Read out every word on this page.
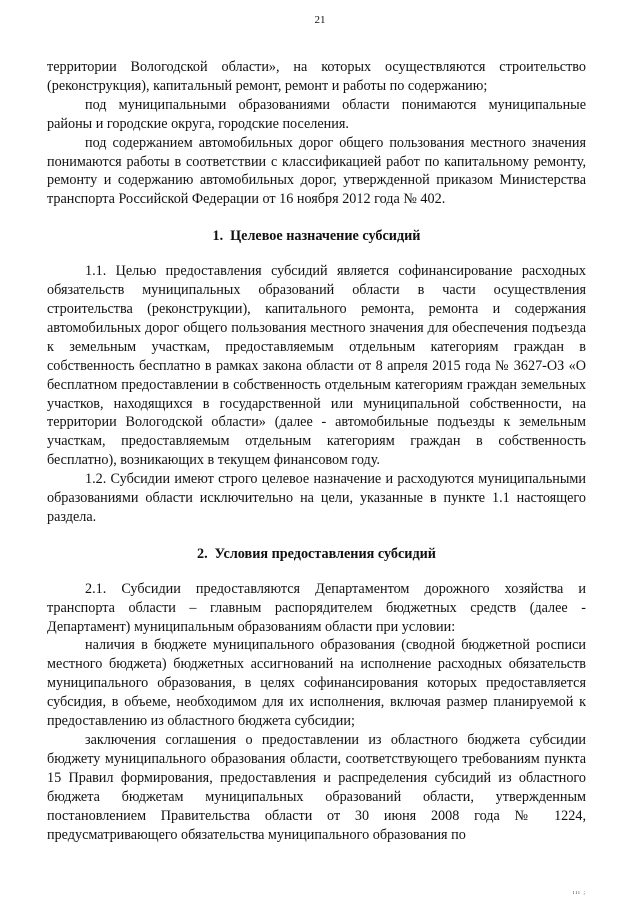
21

территории Вологодской области», на которых осуществляются строительство (реконструкция), капитальный ремонт, ремонт и работы по содержанию;

под муниципальными образованиями области понимаются муниципальные районы и городские округа, городские поселения.

под содержанием автомобильных дорог общего пользования местного значения понимаются работы в соответствии с классификацией работ по капитальному ремонту, ремонту и содержанию автомобильных дорог, утвержденной приказом Министерства транспорта Российской Федерации от 16 ноября 2012 года № 402.

1. Целевое назначение субсидий

1.1. Целью предоставления субсидий является софинансирование расходных обязательств муниципальных образований области в части осуществления строительства (реконструкции), капитального ремонта, ремонта и содержания автомобильных дорог общего пользования местного значения для обеспечения подъезда к земельным участкам, предоставляемым отдельным категориям граждан в собственность бесплатно в рамках закона области от 8 апреля 2015 года № 3627-ОЗ «О бесплатном предоставлении в собственность отдельным категориям граждан земельных участков, находящихся в государственной или муниципальной собственности, на территории Вологодской области» (далее - автомобильные подъезды к земельным участкам, предоставляемым отдельным категориям граждан в собственность бесплатно), возникающих в текущем финансовом году.

1.2. Субсидии имеют строго целевое назначение и расходуются муниципальными образованиями области исключительно на цели, указанные в пункте 1.1 настоящего раздела.

2. Условия предоставления субсидий

2.1. Субсидии предоставляются Департаментом дорожного хозяйства и транспорта области – главным распорядителем бюджетных средств (далее - Департамент) муниципальным образованиям области при условии:

наличия в бюджете муниципального образования (сводной бюджетной росписи местного бюджета) бюджетных ассигнований на исполнение расходных обязательств муниципального образования, в целях софинансирования которых предоставляется субсидия, в объеме, необходимом для их исполнения, включая размер планируемой к предоставлению из областного бюджета субсидии;

заключения соглашения о предоставлении из областного бюджета субсидии бюджету муниципального образования области, соответствующего требованиям пункта 15 Правил формирования, предоставления и распределения субсидий из областного бюджета бюджетам муниципальных образований области, утвержденным постановлением Правительства области от 30 июня 2008 года № 1224, предусматривающего обязательства муниципального образования по

ııı ;
